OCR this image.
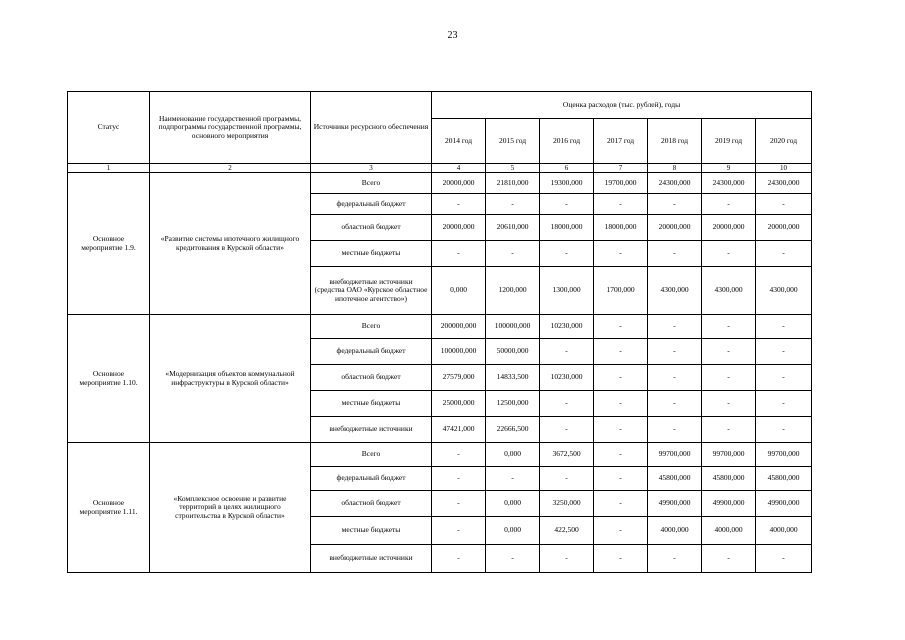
23
Статус	Наименование государственной программы, подпрограммы государственной программы, основного мероприятия	Источники ресурсного обеспечения	Оценка расходов (тыс. рублей), годы						
			2014 год	2015 год	2016 год	2017 год	2018 год	2019 год	2020 год
1	2	3	4	5	6	7	8	9	10
Основное мероприятие 1.9.	«Развитие системы ипотечного жилищного кредитования в Курской области»	Всего	20000,000	21810,000	19300,000	19700,000	24300,000	24300,000	24300,000
		федеральный бюджет	-	-	-	-	-	-	-
		областной бюджет	20000,000	20610,000	18000,000	18000,000	20000,000	20000,000	20000,000
		местные бюджеты	-	-	-	-	-	-	-
		внебюджетные источники (средства ОАО «Курское областное ипотечное агентство»)	0,000	1200,000	1300,000	1700,000	4300,000	4300,000	4300,000
Основное мероприятие 1.10.	«Модернизация объектов коммунальной инфраструктуры в Курской области»	Всего	200000,000	100000,000	10230,000	-	-	-	-
		федеральный бюджет	100000,000	50000,000	-	-	-	-	-
		областной бюджет	27579,000	14833,500	10230,000	-	-	-	-
		местные бюджеты	25000,000	12500,000	-	-	-	-	-
		внебюджетные источники	47421,000	22666,500	-	-	-	-	-
Основное мероприятие 1.11.	«Комплексное освоение и развитие территорий в целях жилищного строительства в Курской области»	Всего	-	0,000	3672,500	-	99700,000	99700,000	99700,000
		федеральный бюджет	-	-	-	-	45800,000	45800,000	45800,000
		областной бюджет	-	0,000	3250,000	-	49900,000	49900,000	49900,000
		местные бюджеты	-	0,000	422,500	-	4000,000	4000,000	4000,000
		внебюджетные источники	-	-	-	-	-	-	-
